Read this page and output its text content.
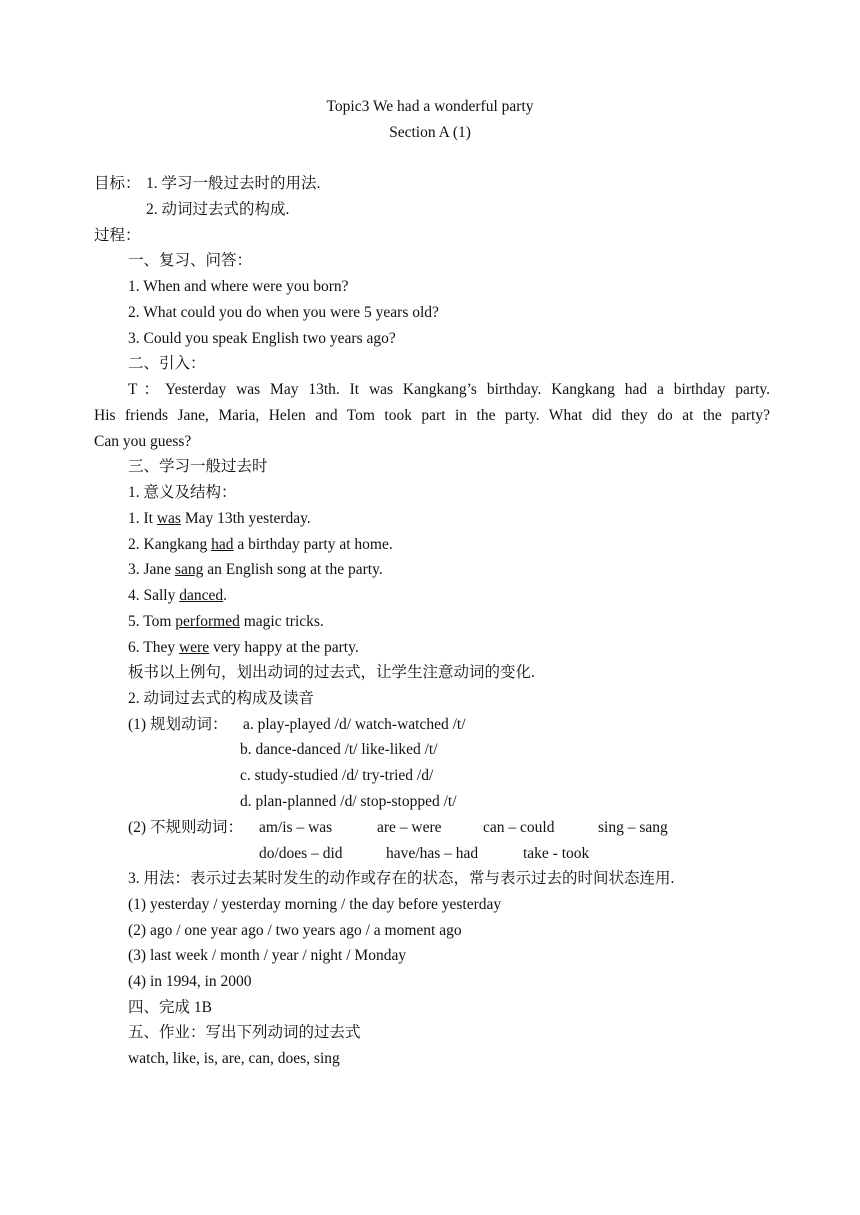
Topic3 We had a wonderful party
Section A (1)
目标： 1. 学习一般过去时的用法.
2. 动词过去式的构成.
过程：
一、复习、问答：
1. When and where were you born?
2. What could you do when you were 5 years old?
3. Could you speak English two years ago?
二、引入：
T：Yesterday was May 13th. It was Kangkang’s birthday. Kangkang had a birthday party.
His friends Jane, Maria, Helen and Tom took part in the party. What did they do at the party?
Can you guess?
三、学习一般过去时
1. 意义及结构：
1. It was May 13th yesterday.
2. Kangkang had a birthday party at home.
3. Jane sang an English song at the party.
4. Sally danced.
5. Tom performed magic tricks.
6. They were very happy at the party.
板书以上例句，划出动词的过去式，让学生注意动词的变化.
2. 动词过去式的构成及读音
(1) 规划动词： a. play-played /d/ watch-watched /t/
b. dance-danced /t/ like-liked /t/
c. study-studied /d/ try-tried /d/
d. plan-planned /d/ stop-stopped /t/
(2) 不规则动词： am/is – was	are – were	can – could	sing – sang
do/does – did	have/has – had	take - took
3. 用法：表示过去某时发生的动作或存在的状态，常与表示过去的时间状态连用.
(1) yesterday / yesterday morning / the day before yesterday
(2) ago / one year ago / two years ago / a moment ago
(3) last week / month / year / night / Monday
(4) in 1994, in 2000
四、完成 1B
五、作业：写出下列动词的过去式
watch, like, is, are, can, does, sing
